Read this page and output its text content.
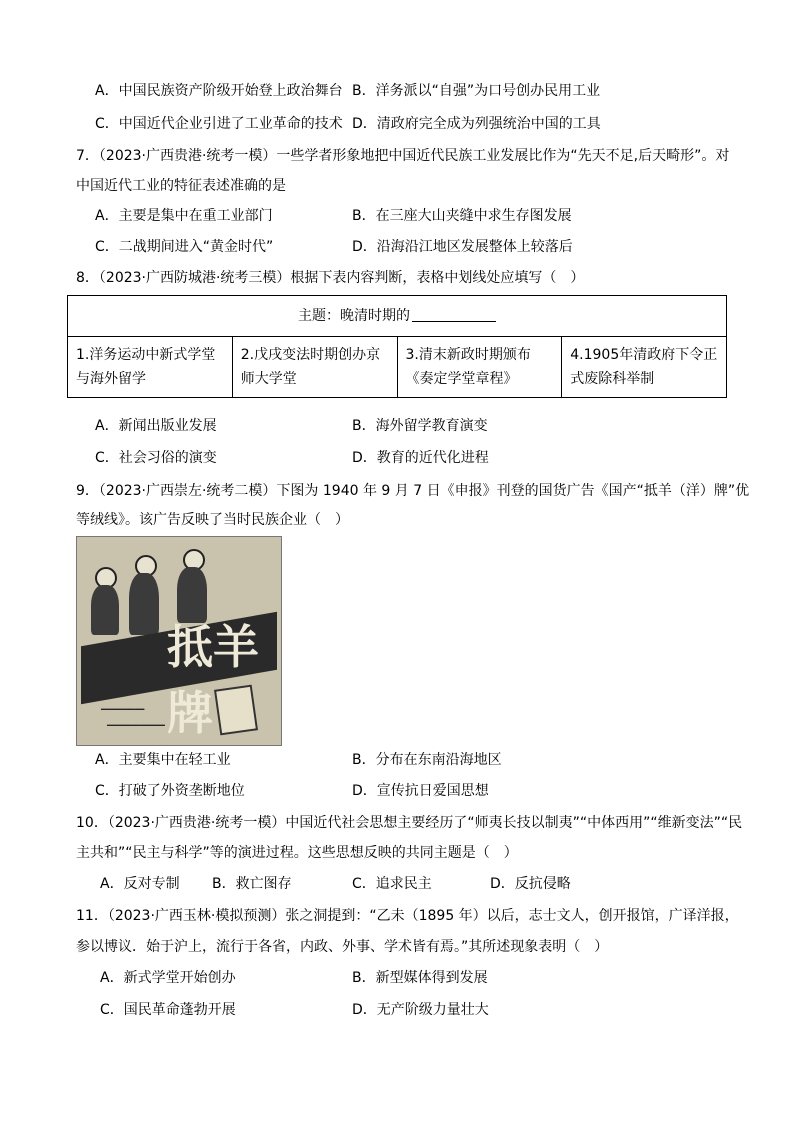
A．中国民族资产阶级开始登上政治舞台 B．洋务派以“自强”为口号创办民用工业
C．中国近代企业引进了工业革命的技术 D．清政府完全成为列强统治中国的工具
7．（2023·广西贵港·统考一模）一些学者形象地把中国近代民族工业发展比作为“先天不足,后天畸形”。对
中国近代工业的特征表述准确的是
A．主要是集中在重工业部门	B．在三座大山夹缝中求生存图发展
C．二战期间进入“黄金时代”	D．沿海沿江地区发展整体上较落后
8．（2023·广西防城港·统考三模）根据下表内容判断，表格中划线处应填写（　）
主题：晚清时期的
1.洋务运动中新式学堂与海外留学	2.戊戌变法时期创办京师大学堂	3.清末新政时期颁布《奏定学堂章程》	4.1905年清政府下令正式废除科举制
A．新闻出版业发展	B．海外留学教育演变
C．社会习俗的演变	D．教育的近代化进程
9．（2023·广西崇左·统考二模）下图为 1940 年 9 月 7 日《申报》刊登的国货广告《国产“抵羊（洋）牌”优
等绒线》。该广告反映了当时民族企业（　）
抵羊牌
━━━━━━━━━
━━━━━━━━━━━━
A．主要集中在轻工业	B．分布在东南沿海地区
C．打破了外资垄断地位	D．宣传抗日爱国思想
10．（2023·广西贵港·统考一模）中国近代社会思想主要经历了“师夷长技以制夷”“中体西用”“维新变法”“民
主共和”“民主与科学”等的演进过程。这些思想反映的共同主题是（　）
A．反对专制 B．救亡图存	C．追求民主	D．反抗侵略
11．（2023·广西玉林·模拟预测）张之洞提到：“乙未（1895 年）以后，志士文人，创开报馆，广译洋报，
参以博议．始于沪上，流行于各省，内政、外事、学术皆有焉。”其所述现象表明（　）
A．新式学堂开始创办	B．新型媒体得到发展
C．国民革命蓬勃开展	D．无产阶级力量壮大
